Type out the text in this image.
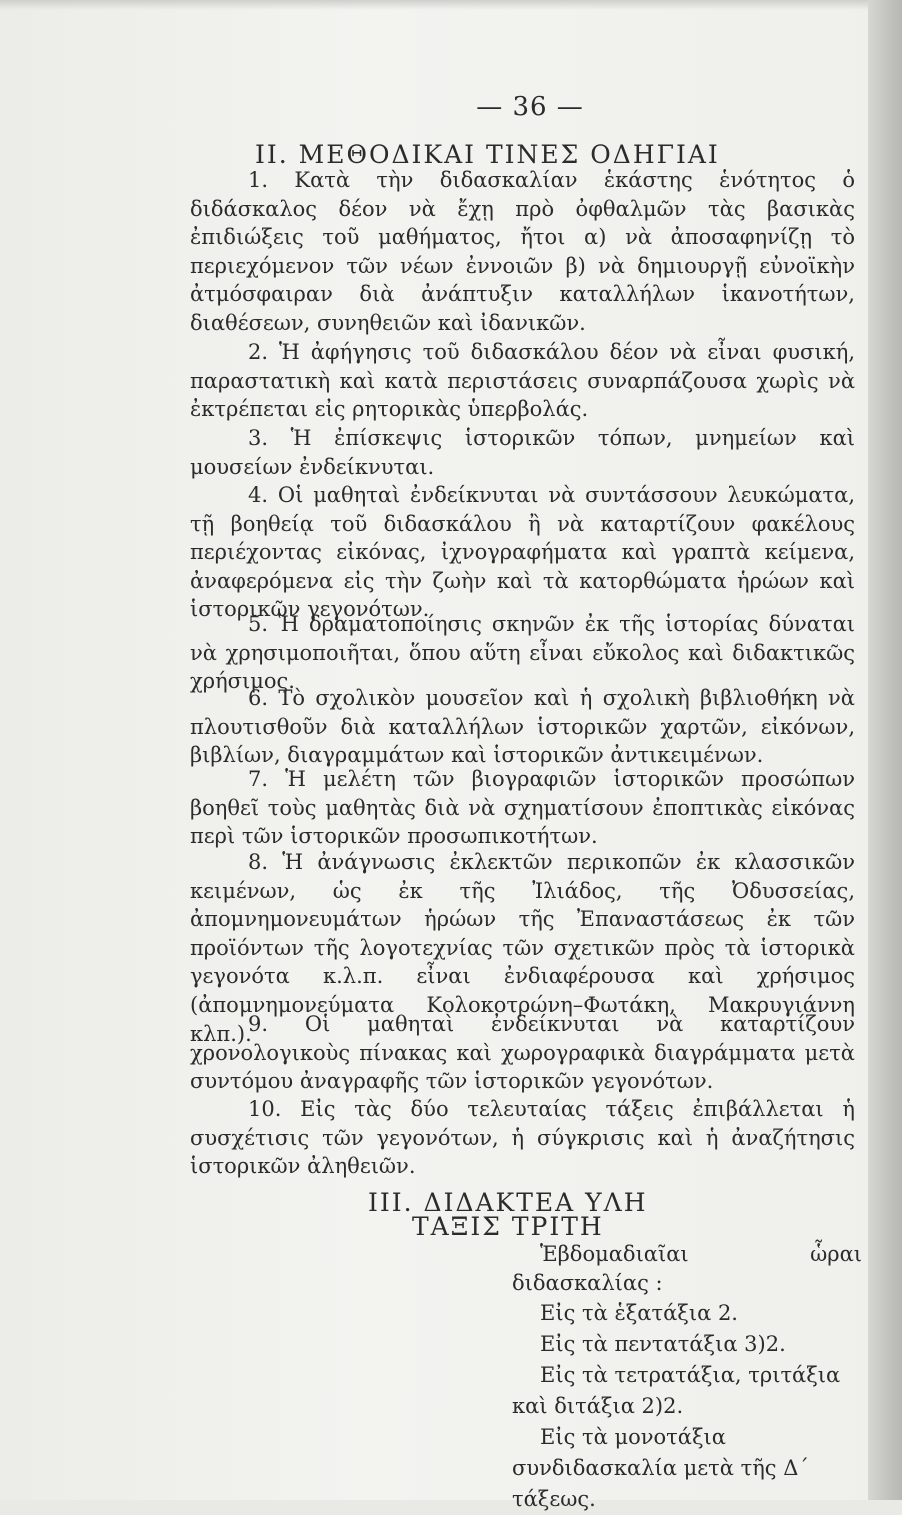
— 36 —
II. ΜΕΘΟΔΙΚΑΙ ΤΙΝΕΣ ΟΔΗΓΙΑΙ

1. Κατὰ τὴν διδασκαλίαν ἑκάστης ἑνότητος ὁ διδάσκαλος δέον νὰ ἔχῃ πρὸ ὀφθαλμῶν τὰς βασικὰς ἐπιδιώξεις τοῦ μαθήματος, ἤτοι α) νὰ ἀποσαφηνίζῃ τὸ περιεχόμενον τῶν νέων ἐννοιῶν β) νὰ δημιουργῇ εὐνοϊκὴν ἀτμόσφαιραν διὰ ἀνάπτυξιν καταλλήλων ἱκανοτήτων, διαθέσεων, συνηθειῶν καὶ ἰδανικῶν.

2. Ἡ ἀφήγησις τοῦ διδασκάλου δέον νὰ εἶναι φυσική, παραστατικὴ καὶ κατὰ περιστάσεις συναρπάζουσα χωρὶς νὰ ἐκτρέπεται εἰς ρητορικὰς ὑπερβολάς.

3. Ἡ ἐπίσκεψις ἱστορικῶν τόπων, μνημείων καὶ μουσείων ἐνδείκνυται.

4. Οἱ μαθηταὶ ἐνδείκνυται νὰ συντάσσουν λευκώματα, τῇ βοηθείᾳ τοῦ διδασκάλου ἢ νὰ καταρτίζουν φακέλους περιέχοντας εἰκόνας, ἰχνογραφήματα καὶ γραπτὰ κείμενα, ἀναφερόμενα εἰς τὴν ζωὴν καὶ τὰ κατορθώματα ἡρώων καὶ ἱστορικῶν γεγονότων.

5. Ἡ δραματοποίησις σκηνῶν ἐκ τῆς ἱστορίας δύναται νὰ χρησιμοποιῆται, ὅπου αὕτη εἶναι εὔκολος καὶ διδακτικῶς χρήσιμος.

6. Τὸ σχολικὸν μουσεῖον καὶ ἡ σχολικὴ βιβλιοθήκη νὰ πλουτισθοῦν διὰ καταλλήλων ἱστορικῶν χαρτῶν, εἰκόνων, βιβλίων, διαγραμμάτων καὶ ἱστορικῶν ἀντικειμένων.

7. Ἡ μελέτη τῶν βιογραφιῶν ἱστορικῶν προσώπων βοηθεῖ τοὺς μαθητὰς διὰ νὰ σχηματίσουν ἐποπτικὰς εἰκόνας περὶ τῶν ἱστορικῶν προσωπικοτήτων.

8. Ἡ ἀνάγνωσις ἐκλεκτῶν περικοπῶν ἐκ κλασσικῶν κειμένων, ὡς ἐκ τῆς Ἰλιάδος, τῆς Ὀδυσσείας, ἀπομνημονευμάτων ἡρώων τῆς Ἐπαναστάσεως ἐκ τῶν προϊόντων τῆς λογοτεχνίας τῶν σχετικῶν πρὸς τὰ ἱστορικὰ γεγονότα κ.λ.π. εἶναι ἐνδιαφέρουσα καὶ χρήσιμος (ἀπομνημονεύματα Κολοκοτρώνη–Φωτάκη, Μακρυγιάννη κλπ.).

9. Οἱ μαθηταὶ ἐνδείκνυται νὰ καταρτίζουν χρονολογικοὺς πίνακας καὶ χωρογραφικὰ διαγράμματα μετὰ συντόμου ἀναγραφῆς τῶν ἱστορικῶν γεγονότων.

10. Εἰς τὰς δύο τελευταίας τάξεις ἐπιβάλλεται ἡ συσχέτισις τῶν γεγονότων, ἡ σύγκρισις καὶ ἡ ἀναζήτησις ἱστορικῶν ἀληθειῶν.

III. ΔΙΔΑΚΤΕΑ ΥΛΗ
ΤΑΞΙΣ ΤΡΙΤΗ

Ἑβδομαδιαῖαι ὧραι διδασκαλίας :

Εἰς τὰ ἑξατάξια 2.
Εἰς τὰ πεντατάξια 3)2.
Εἰς τὰ τετρατάξια, τριτάξια καὶ διτάξια 2)2.
Εἰς τὰ μονοτάξια συνδιδασκαλία μετὰ τῆς Δ΄ τάξεως.
